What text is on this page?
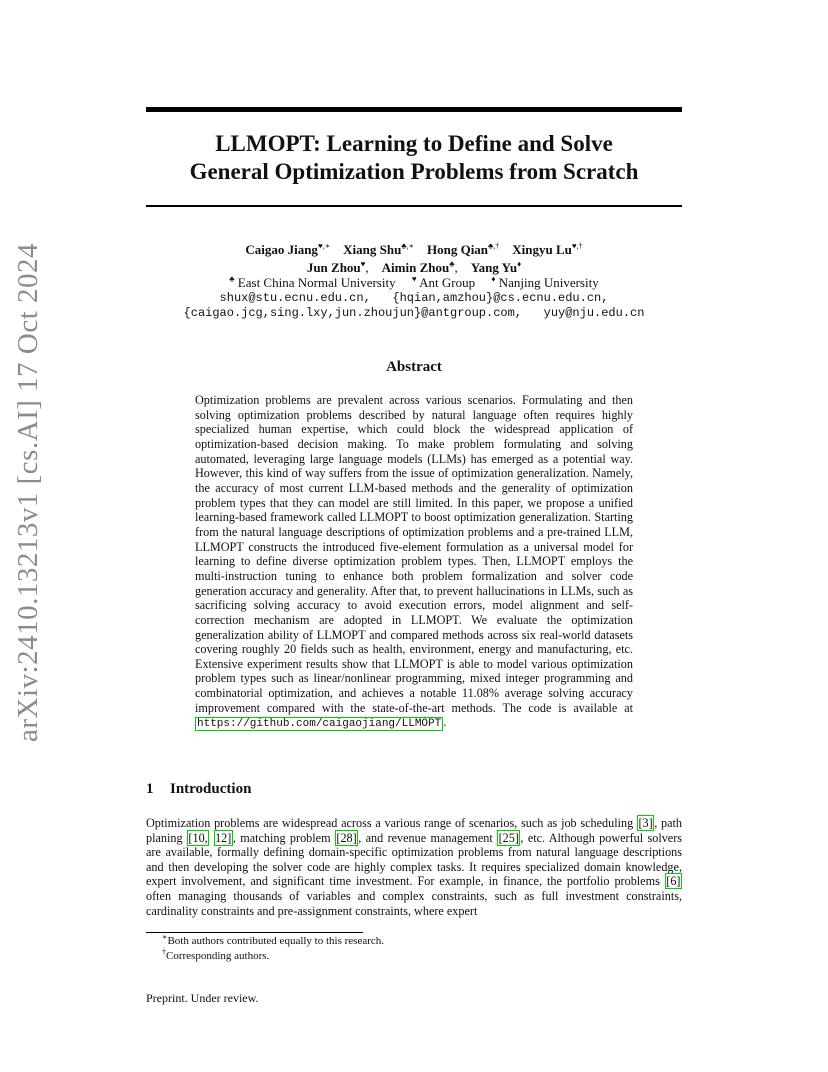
arXiv:2410.13213v1 [cs.AI] 17 Oct 2024
LLMOPT: Learning to Define and Solve
General Optimization Problems from Scratch
Caigao Jiang♥,∗ Xiang Shu♣,∗ Hong Qian♣,† Xingyu Lu♥,†
Jun Zhou♥,    Aimin Zhou♣,    Yang Yu♦
♣ East China Normal University ♥ Ant Group ♦ Nanjing University
shux@stu.ecnu.edu.cn, {hqian,amzhou}@cs.ecnu.edu.cn,
{caigao.jcg,sing.lxy,jun.zhoujun}@antgroup.com, yuy@nju.edu.cn
Abstract
Optimization problems are prevalent across various scenarios. Formulating and then solving optimization problems described by natural language often requires highly specialized human expertise, which could block the widespread application of optimization-based decision making. To make problem formulating and solving automated, leveraging large language models (LLMs) has emerged as a potential way. However, this kind of way suffers from the issue of optimization generalization. Namely, the accuracy of most current LLM-based methods and the generality of optimization problem types that they can model are still limited. In this paper, we propose a unified learning-based framework called LLMOPT to boost optimization generalization. Starting from the natural language descriptions of optimization problems and a pre-trained LLM, LLMOPT constructs the introduced five-element formulation as a universal model for learning to define diverse optimization problem types. Then, LLMOPT employs the multi-instruction tuning to enhance both problem formalization and solver code generation accuracy and generality. After that, to prevent hallucinations in LLMs, such as sacrificing solving accuracy to avoid execution errors, model alignment and self-correction mechanism are adopted in LLMOPT. We evaluate the optimization generalization ability of LLMOPT and compared methods across six real-world datasets covering roughly 20 fields such as health, environment, energy and manufacturing, etc. Extensive experiment results show that LLMOPT is able to model various optimization problem types such as linear/nonlinear programming, mixed integer programming and combinatorial optimization, and achieves a notable 11.08% average solving accuracy improvement compared with the state-of-the-art methods. The code is available at https://github.com/caigaojiang/LLMOPT .
1 Introduction
Optimization problems are widespread across a various range of scenarios, such as job scheduling [3] , path planing [10, 12] , matching problem [28] , and revenue management [25] , etc. Although powerful solvers are available, formally defining domain-specific optimization problems from natural language descriptions and then developing the solver code are highly complex tasks. It requires specialized domain knowledge, expert involvement, and significant time investment. For example, in finance, the portfolio problems [6] often managing thousands of variables and complex constraints, such as full investment constraints, cardinality constraints and pre-assignment constraints, where expert
∗Both authors contributed equally to this research.
†Corresponding authors.
Preprint. Under review.
